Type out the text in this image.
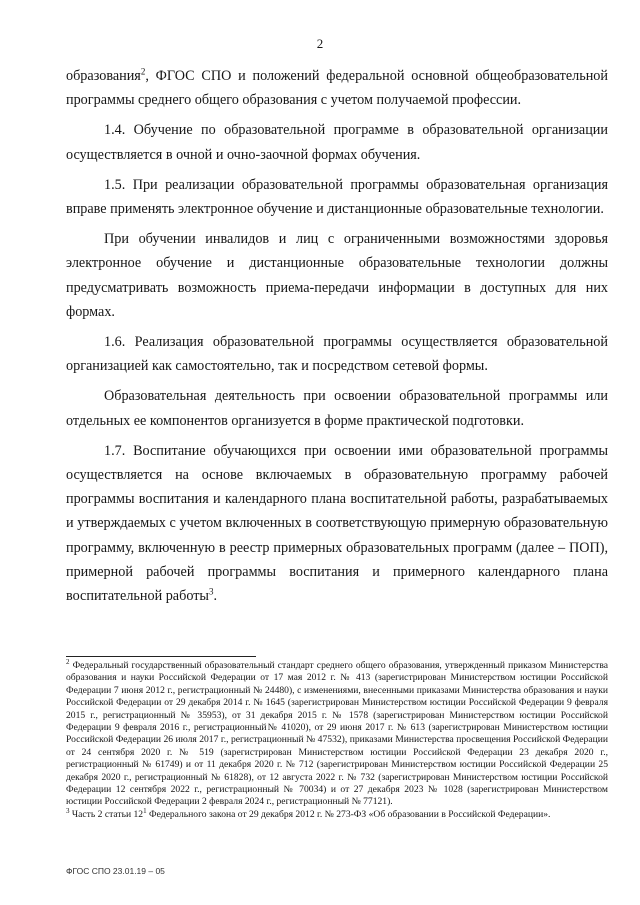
2

образования$^2$, ФГОС СПО и положений федеральной основной общеобразовательной программы среднего общего образования с учетом получаемой профессии.

1.4. Обучение по образовательной программе в образовательной организации осуществляется в очной и очно-заочной формах обучения.

1.5. При реализации образовательной программы образовательная организация вправе применять электронное обучение и дистанционные образовательные технологии.

При обучении инвалидов и лиц с ограниченными возможностями здоровья электронное обучение и дистанционные образовательные технологии должны предусматривать возможность приема-передачи информации в доступных для них формах.

1.6. Реализация образовательной программы осуществляется образовательной организацией как самостоятельно, так и посредством сетевой формы.

Образовательная деятельность при освоении образовательной программы или отдельных ее компонентов организуется в форме практической подготовки.

1.7. Воспитание обучающихся при освоении ими образовательной программы осуществляется на основе включаемых в образовательную программу рабочей программы воспитания и календарного плана воспитательной работы, разрабатываемых и утверждаемых с учетом включенных в соответствующую примерную образовательную программу, включенную в реестр примерных образовательных программ (далее – ПОП), примерной рабочей программы воспитания и примерного календарного плана воспитательной работы$^3$.

$^2$ Федеральный государственный образовательный стандарт среднего общего образования, утвержденный приказом Министерства образования и науки Российской Федерации от 17 мая 2012 г. № 413 (зарегистрирован Министерством юстиции Российской Федерации 7 июня 2012 г., регистрационный № 24480), с изменениями, внесенными приказами Министерства образования и науки Российской Федерации от 29 декабря 2014 г. № 1645 (зарегистрирован Министерством юстиции Российской Федерации 9 февраля 2015 г., регистрационный № 35953), от 31 декабря 2015 г. № 1578 (зарегистрирован Министерством юстиции Российской Федерации 9 февраля 2016 г., регистрационный№ 41020), от 29 июня 2017 г. № 613 (зарегистрирован Министерством юстиции Российской Федерации 26 июля 2017 г., регистрационный № 47532), приказами Министерства просвещения Российской Федерации от 24 сентября 2020 г. № 519 (зарегистрирован Министерством юстиции Российской Федерации 23 декабря 2020 г., регистрационный № 61749) и от 11 декабря 2020 г. № 712 (зарегистрирован Министерством юстиции Российской Федерации 25 декабря 2020 г., регистрационный № 61828), от 12 августа 2022 г. № 732 (зарегистрирован Министерством юстиции Российской Федерации 12 сентября 2022 г., регистрационный № 70034) и от 27 декабря 2023 № 1028 (зарегистрирован Министерством юстиции Российской Федерации 2 февраля 2024 г., регистрационный № 77121).

$^3$ Часть 2 статьи 12$^1$ Федерального закона от 29 декабря 2012 г. № 273-ФЗ «Об образовании в Российской Федерации».

ФГОС СПО 23.01.19 – 05
